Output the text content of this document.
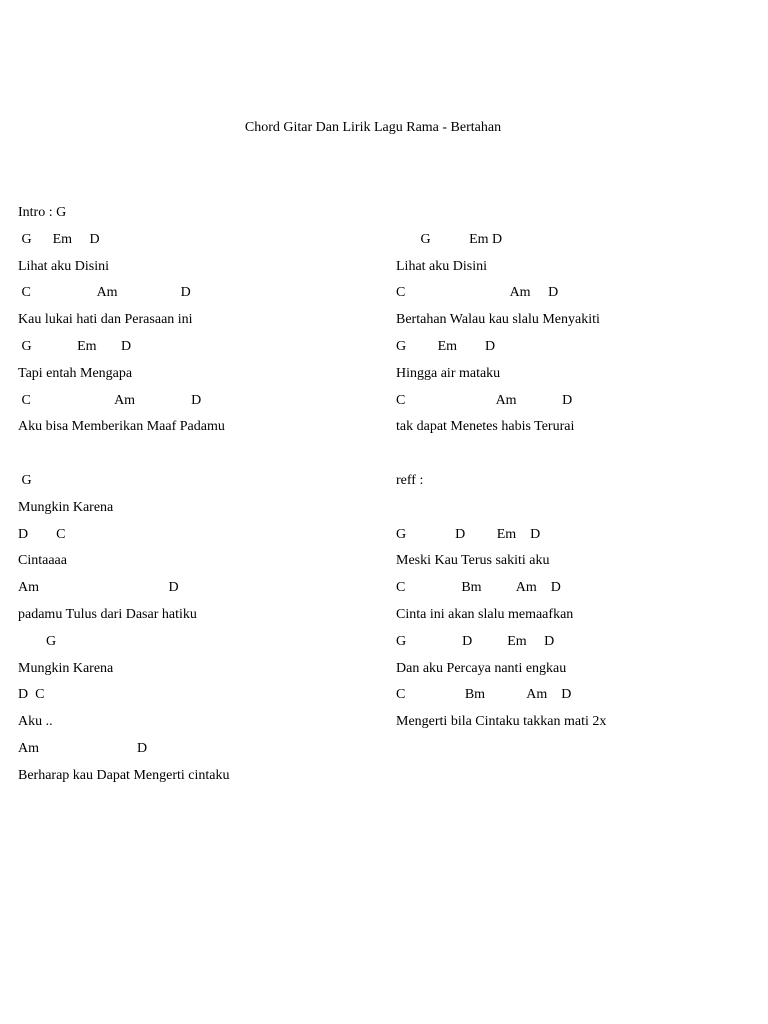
Chord Gitar Dan Lirik Lagu Rama - Bertahan
Intro : G
G      Em     D
Lihat aku Disini
C                   Am                  D
Kau lukai hati dan Perasaan ini
G             Em       D
Tapi entah Mengapa
C                        Am                D
Aku bisa Memberikan Maaf Padamu
G
Mungkin Karena
D        C
Cintaaaa
Am                                     D
padamu Tulus dari Dasar hatiku
G
Mungkin Karena
D  C
Aku ..
Am                            D
Berharap kau Dapat Mengerti cintaku
G           Em D
Lihat aku Disini
C                              Am     D
Bertahan Walau kau slalu Menyakiti
G         Em        D
Hingga air mataku
C                          Am             D
tak dapat Menetes habis Terurai
reff :
G              D         Em    D
Meski Kau Terus sakiti aku
C                Bm          Am    D
Cinta ini akan slalu memaafkan
G                D          Em     D
Dan aku Percaya nanti engkau
C                 Bm            Am    D
Mengerti bila Cintaku takkan mati 2x
